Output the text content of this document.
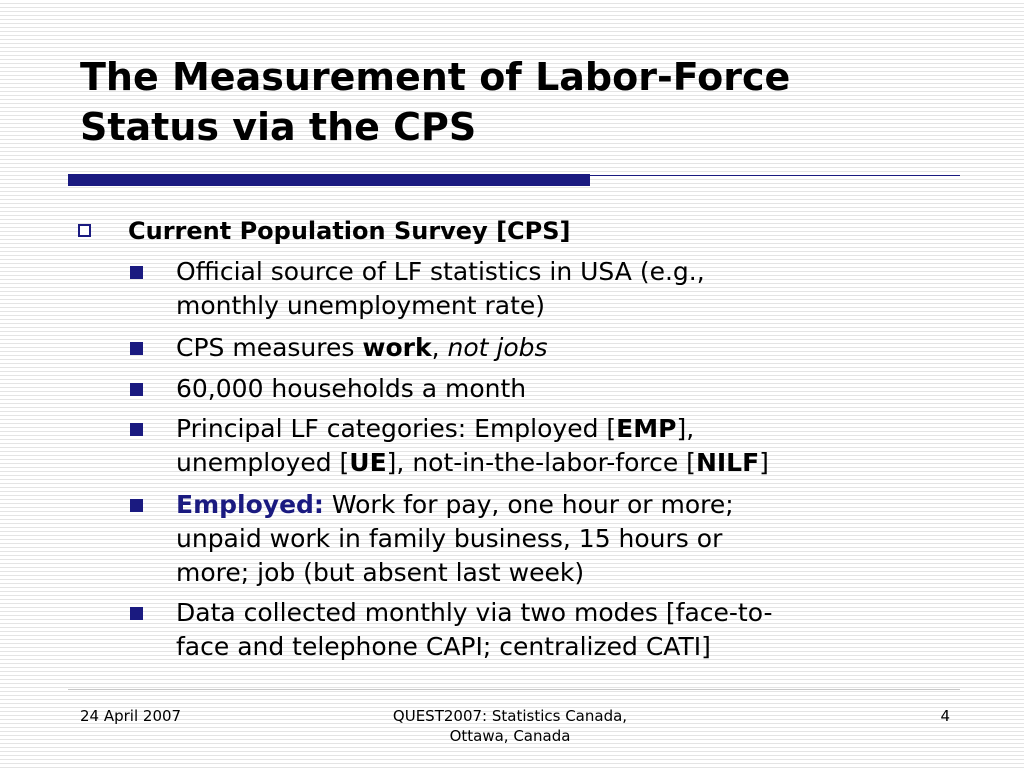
The Measurement of Labor-Force
Status via the CPS
Current Population Survey [CPS]
Official source of LF statistics in USA (e.g.,
monthly unemployment rate)
CPS measures work, not jobs
60,000 households a month
Principal LF categories: Employed [EMP],
unemployed [UE], not-in-the-labor-force [NILF]
Employed: Work for pay, one hour or more;
unpaid work in family business, 15 hours or
more; job (but absent last week)
Data collected monthly via two modes [face-to-
face and telephone CAPI; centralized CATI]
24 April 2007	QUEST2007: Statistics Canada,
Ottawa, Canada
4
